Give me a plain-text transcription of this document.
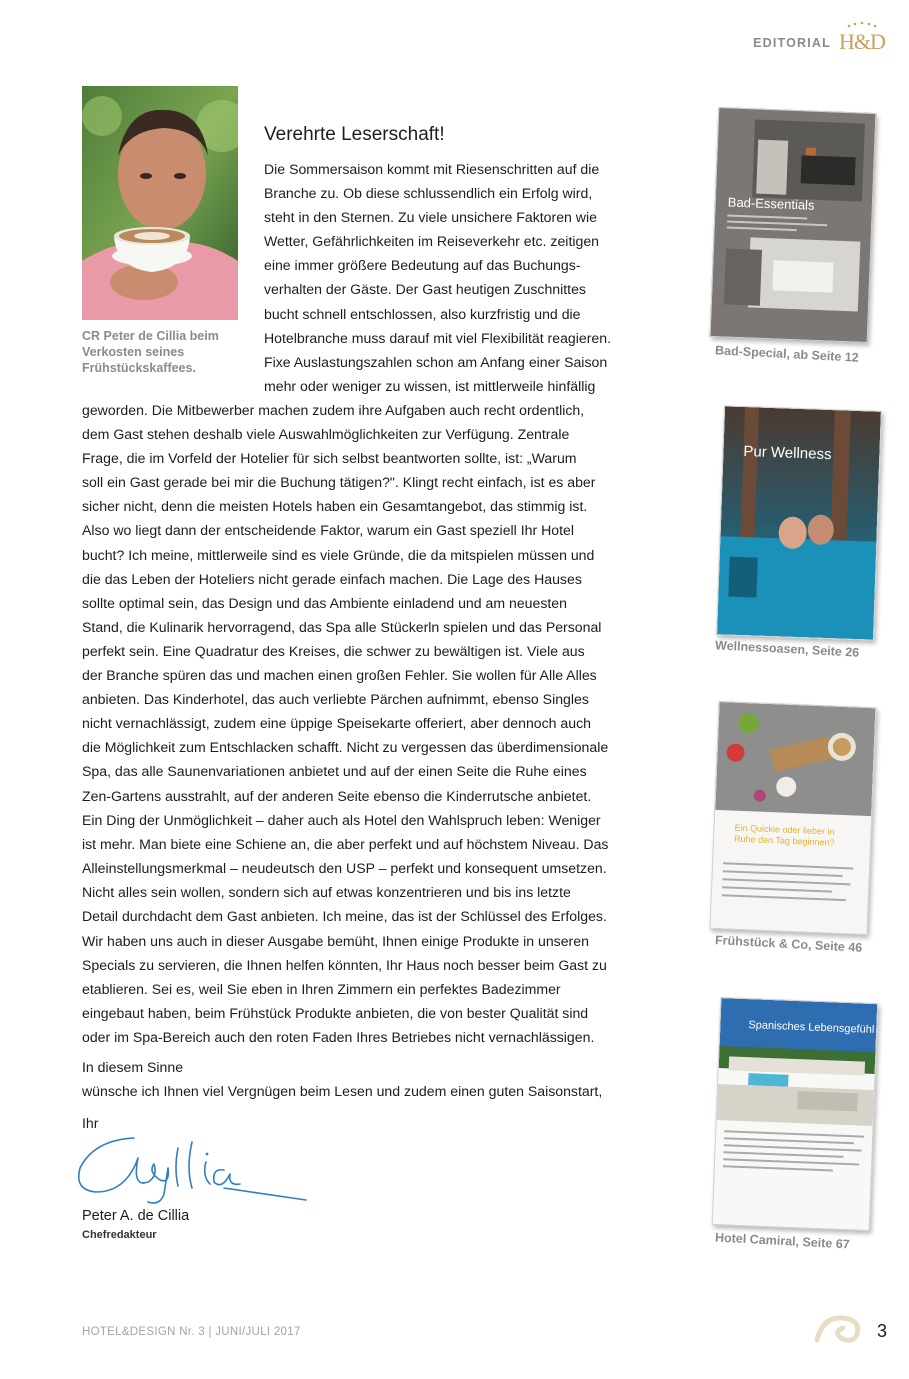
EDITORIAL H&D
CR Peter de Cillia beim
Verkosten seines
Frühstückskaffees.
Verehrte Leserschaft!

Die Sommersaison kommt mit Riesenschritten auf die

Branche zu. Ob diese schlussendlich ein Erfolg wird,

steht in den Sternen. Zu viele unsichere Faktoren wie

Wetter, Gefährlichkeiten im Reiseverkehr etc. zeitigen

eine immer größere Bedeutung auf das Buchungs-

verhalten der Gäste. Der Gast heutigen Zuschnittes

bucht schnell entschlossen, also kurzfristig und die

Hotelbranche muss darauf mit viel Flexibilität reagieren.

Fixe Auslastungszahlen schon am Anfang einer Saison

mehr oder weniger zu wissen, ist mittlerweile hinfällig

geworden. Die Mitbewerber machen zudem ihre Aufgaben auch recht ordentlich,

dem Gast stehen deshalb viele Auswahlmöglichkeiten zur Verfügung. Zentrale

Frage, die im Vorfeld der Hotelier für sich selbst beantworten sollte, ist: „Warum

soll ein Gast gerade bei mir die Buchung tätigen?". Klingt recht einfach, ist es aber

sicher nicht, denn die meisten Hotels haben ein Gesamtangebot, das stimmig ist.

Also wo liegt dann der entscheidende Faktor, warum ein Gast speziell Ihr Hotel

bucht? Ich meine, mittlerweile sind es viele Gründe, die da mitspielen müssen und

die das Leben der Hoteliers nicht gerade einfach machen. Die Lage des Hauses

sollte optimal sein, das Design und das Ambiente einladend und am neuesten

Stand, die Kulinarik hervorragend, das Spa alle Stückerln spielen und das Personal

perfekt sein. Eine Quadratur des Kreises, die schwer zu bewältigen ist. Viele aus

der Branche spüren das und machen einen großen Fehler. Sie wollen für Alle Alles

anbieten. Das Kinderhotel, das auch verliebte Pärchen aufnimmt, ebenso Singles

nicht vernachlässigt, zudem eine üppige Speisekarte offeriert, aber dennoch auch

die Möglichkeit zum Entschlacken schafft. Nicht zu vergessen das überdimensionale

Spa, das alle Saunenvariationen anbietet und auf der einen Seite die Ruhe eines

Zen-Gartens ausstrahlt, auf der anderen Seite ebenso die Kinderrutsche anbietet.

Ein Ding der Unmöglichkeit – daher auch als Hotel den Wahlspruch leben: Weniger

ist mehr. Man biete eine Schiene an, die aber perfekt und auf höchstem Niveau. Das

Alleinstellungsmerkmal – neudeutsch den USP – perfekt und konsequent umsetzen.

Nicht alles sein wollen, sondern sich auf etwas konzentrieren und bis ins letzte

Detail durchdacht dem Gast anbieten. Ich meine, das ist der Schlüssel des Erfolges.

Wir haben uns auch in dieser Ausgabe bemüht, Ihnen einige Produkte in unseren

Specials zu servieren, die Ihnen helfen könnten, Ihr Haus noch besser beim Gast zu

etablieren. Sei es, weil Sie eben in Ihren Zimmern ein perfektes Badezimmer

eingebaut haben, beim Frühstück Produkte anbieten, die von bester Qualität sind

oder im Spa-Bereich auch den roten Faden Ihres Betriebes nicht vernachlässigen.

In diesem Sinne

wünsche ich Ihnen viel Vergnügen beim Lesen und zudem einen guten Saisonstart,

Ihr
Peter A. de Cillia
Chefredakteur
Bad-Essentials
Bad-Special, ab Seite 12
Pur Wellness
Wellnessoasen, Seite 26
Ein Quickie oder lieber in Ruhe den Tag beginnen?
Frühstück & Co, Seite 46
Spanisches Lebensgefühl
Hotel Camiral, Seite 67
HOTEL&DESIGN Nr. 3 | JUNI/JULI 2017	3
